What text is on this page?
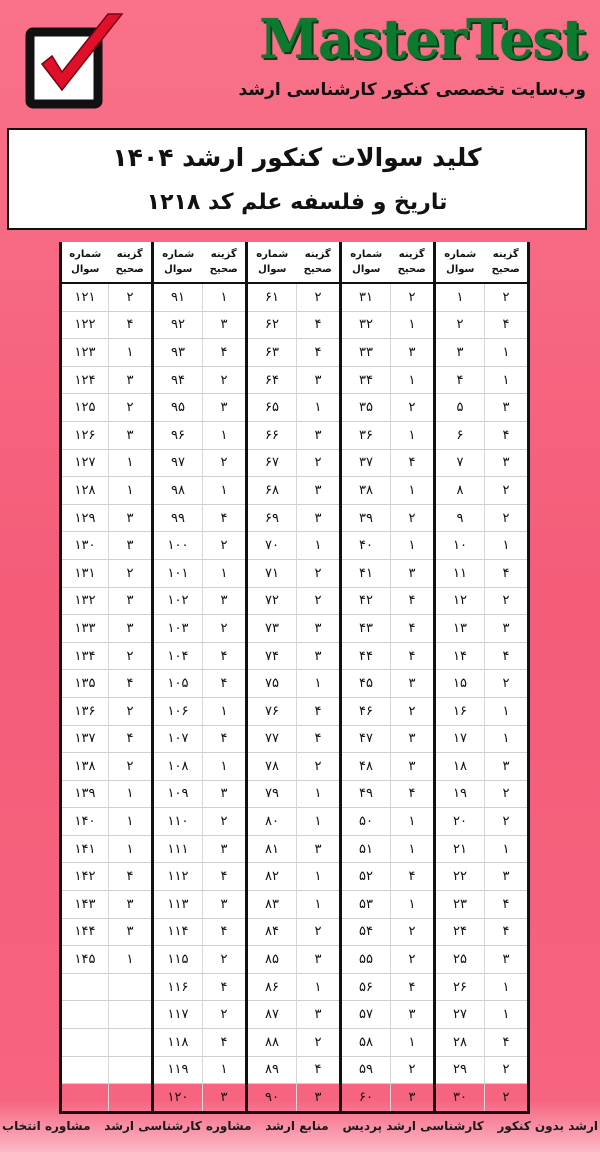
MasterTest
وب‌سایت تخصصی کنکور کارشناسی ارشد
کلید سوالات کنکور ارشد ۱۴۰۴
تاریخ و فلسفه علم کد ۱۲۱۸
گزینه صحیح	شماره سوال	گزینه صحیح	شماره سوال	گزینه صحیح	شماره سوال	گزینه صحیح	شماره سوال	گزینه صحیح	شماره سوال
۲	۱	۲	۳۱	۲	۶۱	۱	۹۱	۲	۱۲۱
۴	۲	۱	۳۲	۴	۶۲	۳	۹۲	۴	۱۲۲
۱	۳	۳	۳۳	۴	۶۳	۴	۹۳	۱	۱۲۳
۱	۴	۱	۳۴	۳	۶۴	۲	۹۴	۳	۱۲۴
۳	۵	۲	۳۵	۱	۶۵	۳	۹۵	۲	۱۲۵
۴	۶	۱	۳۶	۳	۶۶	۱	۹۶	۳	۱۲۶
۳	۷	۴	۳۷	۲	۶۷	۲	۹۷	۱	۱۲۷
۲	۸	۱	۳۸	۳	۶۸	۱	۹۸	۱	۱۲۸
۲	۹	۲	۳۹	۳	۶۹	۴	۹۹	۳	۱۲۹
۱	۱۰	۱	۴۰	۱	۷۰	۲	۱۰۰	۳	۱۳۰
۴	۱۱	۳	۴۱	۲	۷۱	۱	۱۰۱	۲	۱۳۱
۲	۱۲	۴	۴۲	۲	۷۲	۳	۱۰۲	۳	۱۳۲
۳	۱۳	۴	۴۳	۳	۷۳	۲	۱۰۳	۳	۱۳۳
۴	۱۴	۴	۴۴	۳	۷۴	۴	۱۰۴	۲	۱۳۴
۲	۱۵	۳	۴۵	۱	۷۵	۴	۱۰۵	۴	۱۳۵
۱	۱۶	۲	۴۶	۴	۷۶	۱	۱۰۶	۲	۱۳۶
۱	۱۷	۳	۴۷	۴	۷۷	۴	۱۰۷	۴	۱۳۷
۳	۱۸	۳	۴۸	۲	۷۸	۱	۱۰۸	۲	۱۳۸
۲	۱۹	۴	۴۹	۱	۷۹	۳	۱۰۹	۱	۱۳۹
۲	۲۰	۱	۵۰	۱	۸۰	۲	۱۱۰	۱	۱۴۰
۱	۲۱	۱	۵۱	۳	۸۱	۳	۱۱۱	۱	۱۴۱
۳	۲۲	۴	۵۲	۱	۸۲	۴	۱۱۲	۴	۱۴۲
۴	۲۳	۱	۵۳	۱	۸۳	۳	۱۱۳	۳	۱۴۳
۴	۲۴	۲	۵۴	۲	۸۴	۴	۱۱۴	۳	۱۴۴
۳	۲۵	۲	۵۵	۳	۸۵	۲	۱۱۵	۱	۱۴۵
۱	۲۶	۴	۵۶	۱	۸۶	۴	۱۱۶		
۱	۲۷	۳	۵۷	۳	۸۷	۲	۱۱۷		
۴	۲۸	۱	۵۸	۲	۸۸	۴	۱۱۸		
۲	۲۹	۲	۵۹	۴	۸۹	۱	۱۱۹		
۲	۳۰	۳	۶۰	۳	۹۰	۳	۱۲۰		
ارشد بدون کنکور
کارشناسی ارشد پردیس
منابع ارشد
مشاوره کارشناسی ارشد
مشاوره انتخاب
